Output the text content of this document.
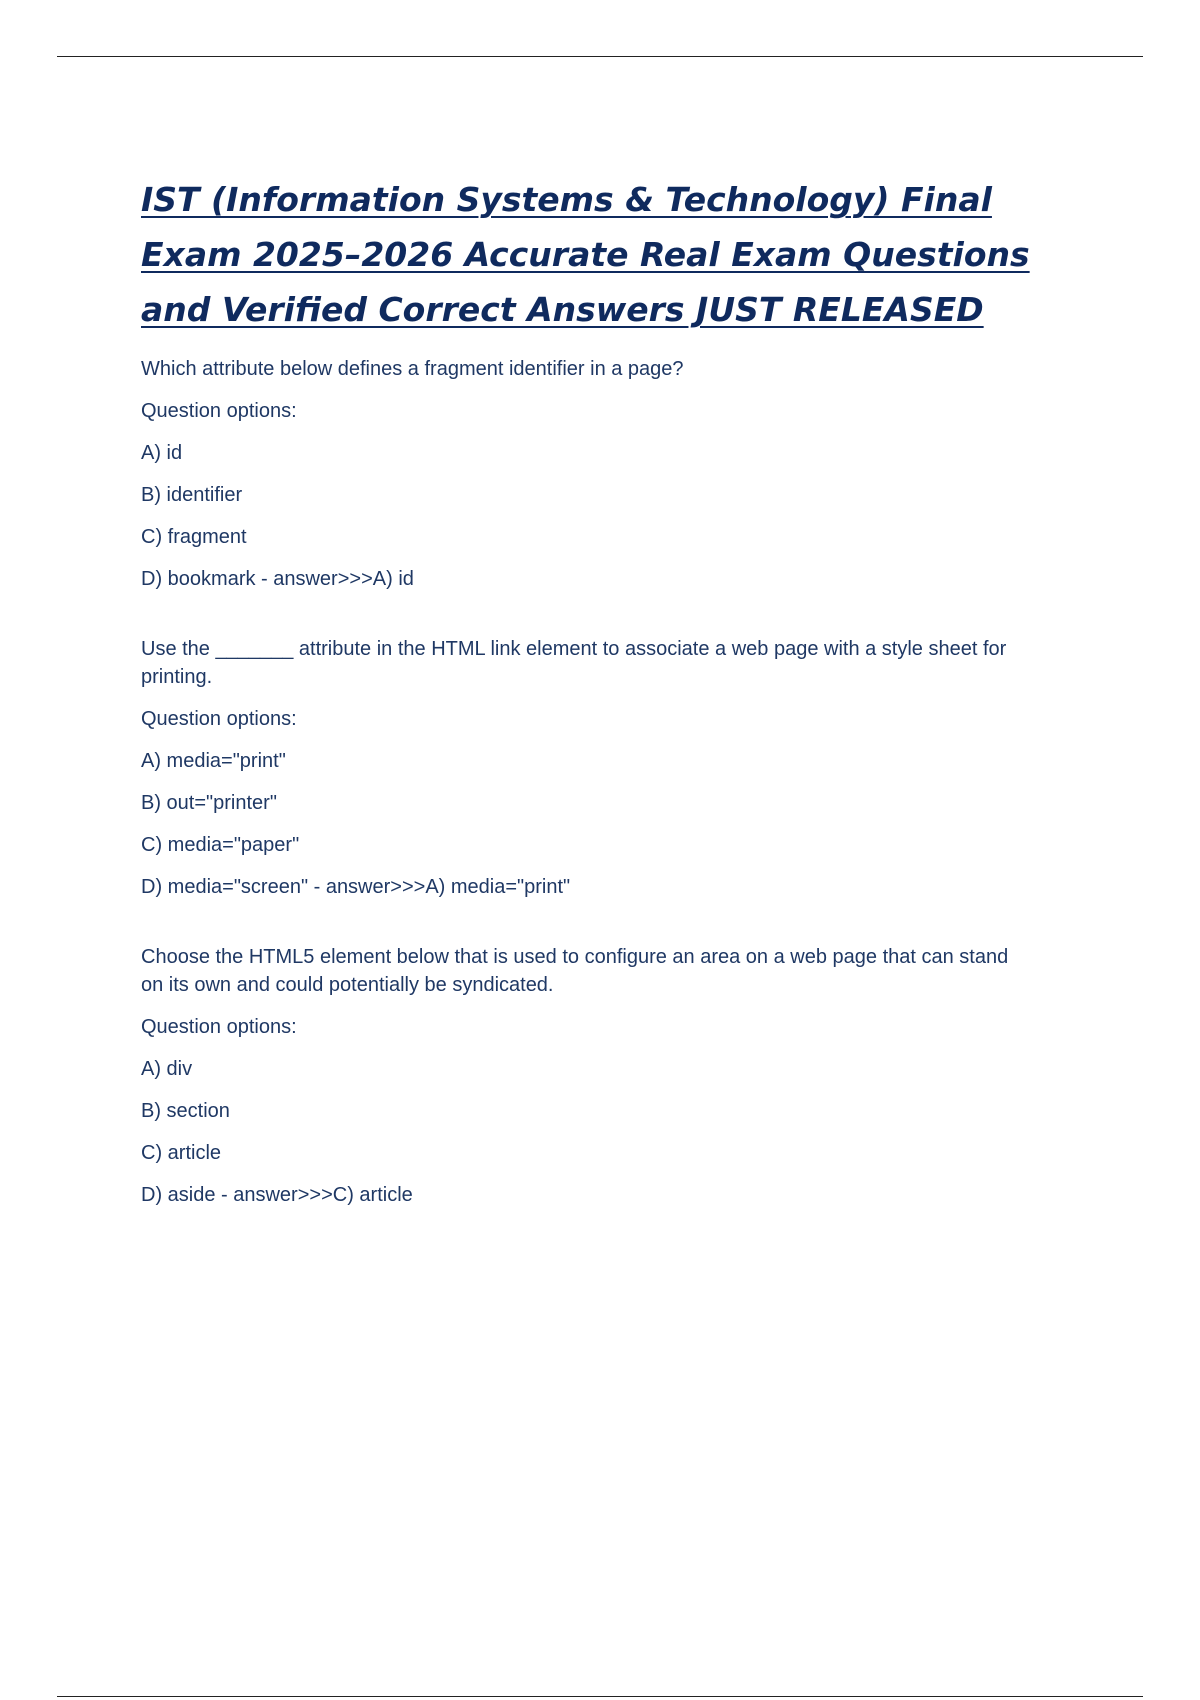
IST (Information Systems & Technology) Final Exam 2025–2026 Accurate Real Exam Questions and Verified Correct Answers JUST RELEASED

Which attribute below defines a fragment identifier in a page?

Question options:

A) id

B) identifier

C) fragment

D) bookmark - answer>>>A) id

Use the _______ attribute in the HTML link element to associate a web page with a style sheet for printing.

Question options:

A) media="print"

B) out="printer"

C) media="paper"

D) media="screen" - answer>>>A) media="print"

Choose the HTML5 element below that is used to configure an area on a web page that can stand on its own and could potentially be syndicated.

Question options:

A) div

B) section

C) article

D) aside - answer>>>C) article
